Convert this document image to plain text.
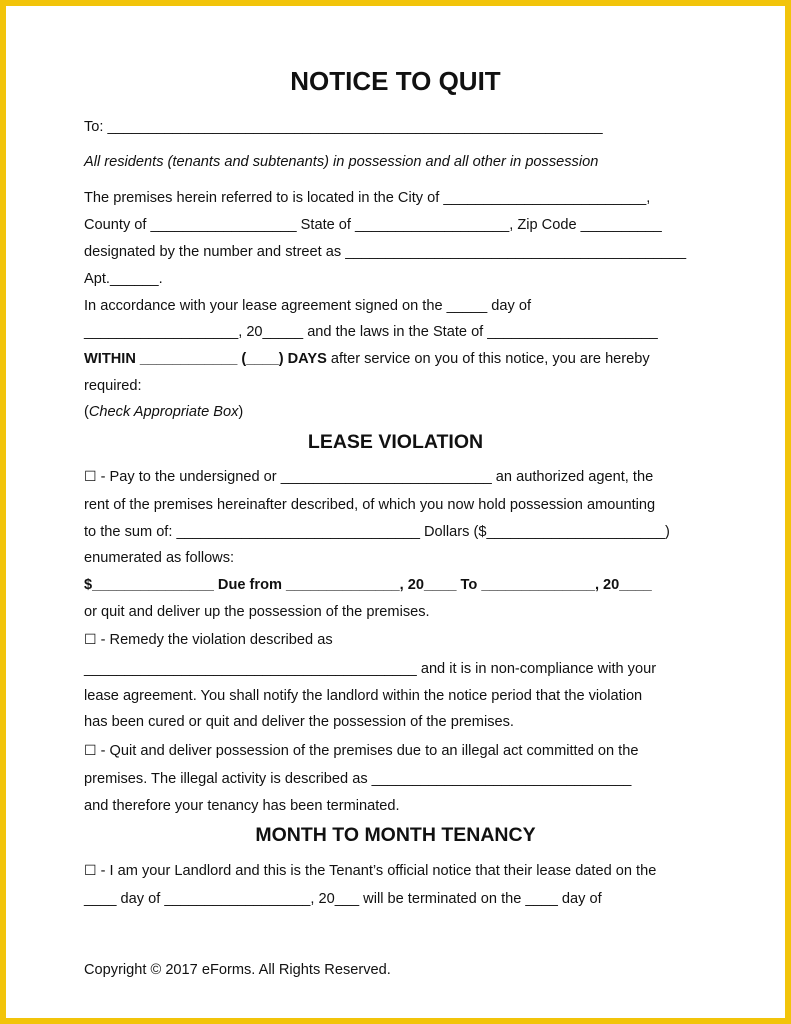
NOTICE TO QUIT

To: _____________________________________________________________

All residents (tenants and subtenants) in possession and all other in possession

The premises herein referred to is located in the City of _________________________,

County of __________________ State of ___________________, Zip Code __________

designated by the number and street as __________________________________________

Apt.______.

In accordance with your lease agreement signed on the _____ day of

___________________, 20_____ and the laws in the State of _____________________

WITHIN ____________ (____) DAYS after service on you of this notice, you are hereby

required:

(Check Appropriate Box)

LEASE VIOLATION

☐ - Pay to the undersigned or __________________________ an authorized agent, the

rent of the premises hereinafter described, of which you now hold possession amounting

to the sum of: ______________________________ Dollars ($______________________)

enumerated as follows:

$_______________ Due from ______________, 20____ To ______________, 20____

or quit and deliver up the possession of the premises.

☐ - Remedy the violation described as

_________________________________________ and it is in non-compliance with your

lease agreement. You shall notify the landlord within the notice period that the violation

has been cured or quit and deliver the possession of the premises.

☐ - Quit and deliver possession of the premises due to an illegal act committed on the

premises. The illegal activity is described as ________________________________

and therefore your tenancy has been terminated.

MONTH TO MONTH TENANCY

☐ - I am your Landlord and this is the Tenant’s official notice that their lease dated on the

____ day of __________________, 20___ will be terminated on the ____ day of

Copyright © 2017 eForms. All Rights Reserved.
